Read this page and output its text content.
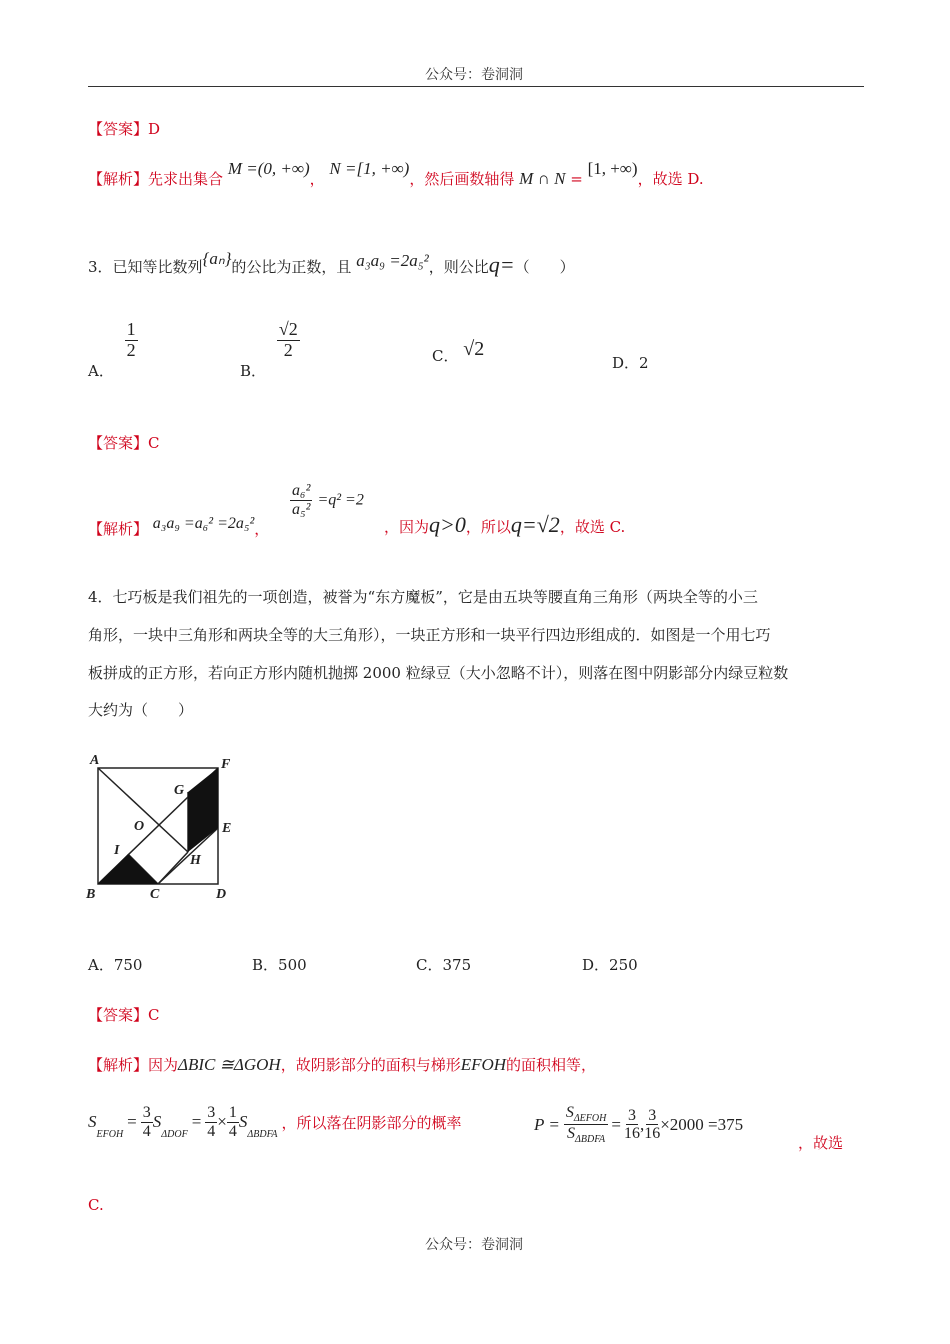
公众号：卷洞洞
【答案】D
【解析】先求出集合 M =(0, +∞)， N =[1, +∞)，然后画数轴得 M ∩ N = [1, +∞)，故选 D.
3．已知等比数列{aₙ}的公比为正数，且 a₃a₉ =2a₅²，则公比q=（　　）
A．
$\frac{1}{2}$
B．
$\frac{√2}{2}$	C． √2
D．2
【答案】C
【解析】 a₃a₉ =a₆² =2a₅²，
$\frac{\text{a₆²}}{\text{a₅²}} =q^2 =2$
，因为q>0，所以q=√2，故选 C.
4．七巧板是我们祖先的一项创造，被誉为“东方魔板”，它是由五块等腰直角三角形（两块全等的小三
角形，一块中三角形和两块全等的大三角形），一块正方形和一块平行四边形组成的．如图是一个用七巧
板拼成的正方形，若向正方形内随机抛掷 2000 粒绿豆（大小忽略不计），则落在图中阴影部分内绿豆粒数
大约为（　　）
A	F
G
O	E
I
H
B	C	D
A．750	B．500	C．375	D．250
【答案】C
【解析】因为ΔBIC ≅ΔGOH，故阴影部分的面积与梯形EFOH的面积相等，
S
$_{EFOH}$
= $\frac{3}{4}$ S
$_{\Delta DOF}$
= $\frac{3}{4} \times \frac{1}{4}$ S
$_{\Delta BDFA}$
，所以落在阴影部分的概率	$P = \frac{S_{\Delta EFOH}}{S_{\Delta BDFA}} = \frac{3}{16}$ , $\frac{3}{16} \times 2000 =375$
，故选
C.
公众号：卷洞洞
